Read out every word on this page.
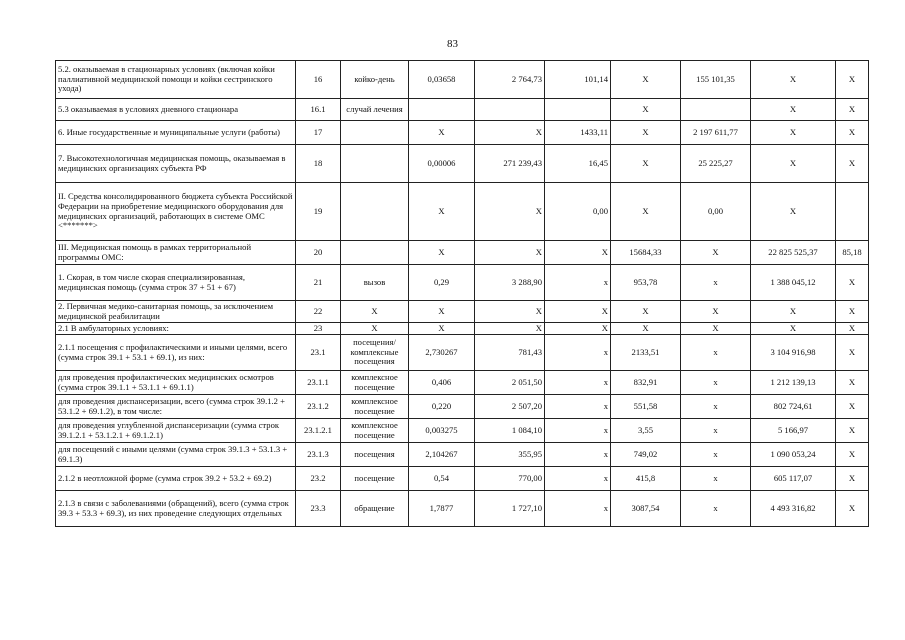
83
5.2. оказываемая в стационарных условиях (включая койки паллиативной медицинской помощи и койки сестринского ухода)	16	койко-день	0,03658	2 764,73	101,14	X	155 101,35	X	X
5.3 оказываемая в условиях дневного стационара	16.1	случай лечения				X		X	X
6. Иные государственные и муниципальные услуги (работы)	17		X	X	1433,11	X	2 197 611,77	X	X
7. Высокотехнологичная медицинская помощь, оказываемая в медицинских организациях субъекта РФ	18		0,00006	271 239,43	16,45	X	25 225,27	X	X
II. Средства консолидированного бюджета субъекта Российской Федерации на приобретение медицинского оборудования для медицинских организаций, работающих в системе ОМС <*******>	19		X	X	0,00	X	0,00	X	
III. Медицинская помощь в рамках территориальной программы ОМС:	20		X	X	X	15684,33	X	22 825 525,37	85,18
1. Скорая, в том числе скорая специализированная, медицинская помощь (сумма строк 37 + 51 + 67)	21	вызов	0,29	3 288,90	x	953,78	x	1 388 045,12	X
2. Первичная медико-санитарная помощь, за исключением медицинской реабилитации	22	X	X	X	X	X	X	X	X
2.1 В амбулаторных условиях:	23	X	X	X	X	X	X	X	X
2.1.1 посещения с профилактическими и иными целями, всего (сумма строк 39.1 + 53.1 + 69.1), из них:	23.1	посещения/комплексные посещения	2,730267	781,43	x	2133,51	x	3 104 916,98	X
для проведения профилактических медицинских осмотров (сумма строк 39.1.1 + 53.1.1 + 69.1.1)	23.1.1	комплексное посещение	0,406	2 051,50	x	832,91	x	1 212 139,13	X
для проведения диспансеризации, всего (сумма строк 39.1.2 + 53.1.2 + 69.1.2), в том числе:	23.1.2	комплексное посещение	0,220	2 507,20	x	551,58	x	802 724,61	X
для проведения углубленной диспансеризации (сумма строк 39.1.2.1 + 53.1.2.1 + 69.1.2.1)	23.1.2.1	комплексное посещение	0,003275	1 084,10	x	3,55	x	5 166,97	X
для посещений с иными целями (сумма строк 39.1.3 + 53.1.3 + 69.1.3)	23.1.3	посещения	2,104267	355,95	x	749,02	x	1 090 053,24	X
2.1.2 в неотложной форме (сумма строк 39.2 + 53.2 + 69.2)	23.2	посещение	0,54	770,00	x	415,8	x	605 117,07	X
2.1.3 в связи с заболеваниями (обращений), всего (сумма строк 39.3 + 53.3 + 69.3), из них проведение следующих отдельных	23.3	обращение	1,7877	1 727,10	x	3087,54	x	4 493 316,82	X
